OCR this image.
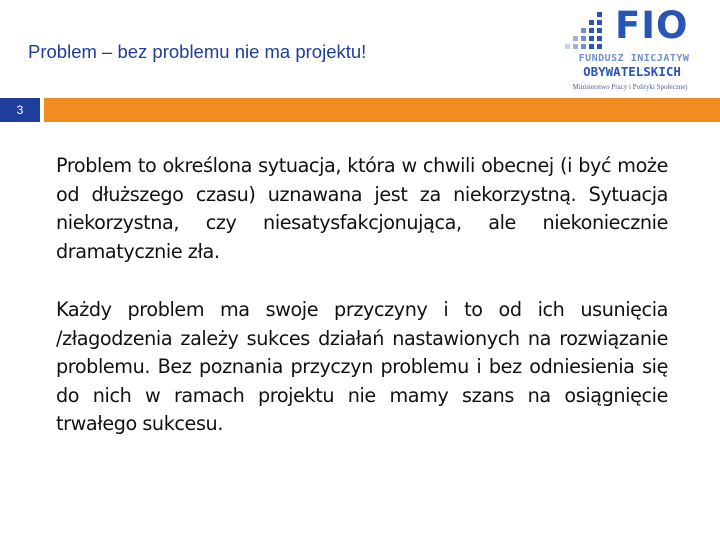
Problem – bez problemu nie ma projektu!
FIO
FUNDUSZ INICJATYW
OBYWATELSKICH
Ministerstwo Pracy i Polityki Społecznej
3
Problem to określona sytuacja, która w chwili obecnej (i być może od dłuższego czasu) uznawana jest za niekorzystną. Sytuacja niekorzystna, czy niesatysfakcjonująca, ale niekoniecznie dramatycznie zła.
Każdy problem ma swoje przyczyny i to od ich usunięcia /złagodzenia zależy sukces działań nastawionych na rozwiązanie problemu. Bez poznania przyczyn problemu i bez odniesienia się do nich w ramach projektu nie mamy szans na osiągnięcie trwałego sukcesu.
